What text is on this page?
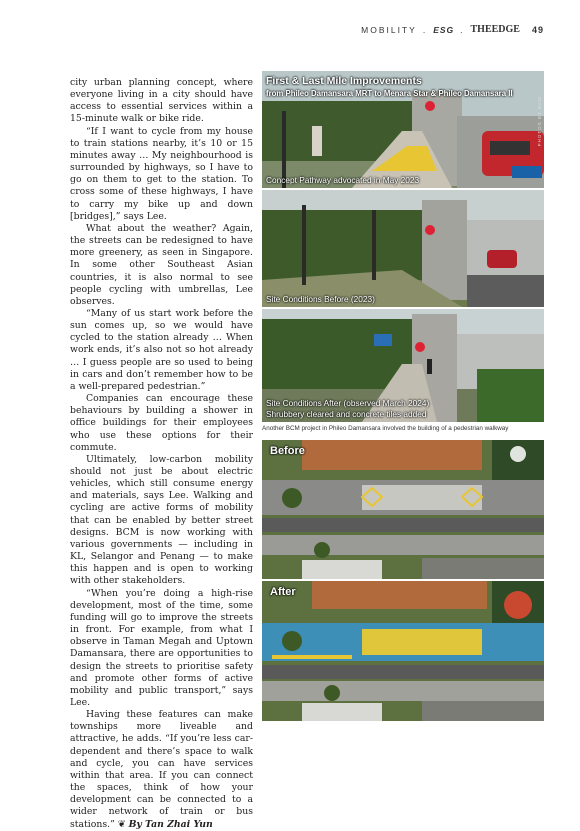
MOBILITY . ESG . THEEDGE 49

city urban planning concept, where everyone living in a city should have access to essential services within a 15-minute walk or bike ride.

“If I want to cycle from my house to train stations nearby, it’s 10 or 15 minutes away … My neighbourhood is surrounded by highways, so I have to go on them to get to the station. To cross some of these highways, I have to carry my bike up and down [bridges],” says Lee.

What about the weather? Again, the streets can be redesigned to have more greenery, as seen in Singapore. In some other Southeast Asian countries, it is also normal to see people cycling with umbrellas, Lee observes.

“Many of us start work before the sun comes up, so we would have cycled to the station already … When work ends, it’s also not so hot already … I guess people are so used to being in cars and don’t remember how to be a well-prepared pedestrian.”

Companies can encourage these behaviours by building a shower in office buildings for their employees who use these options for their commute.

Ultimately, low-carbon mobility should not just be about electric vehicles, which still consume energy and materials, says Lee. Walking and cycling are active forms of mobility that can be enabled by better street designs. BCM is now working with various governments — including in KL, Selangor and Penang — to make this happen and is open to working with other stakeholders.

“When you’re doing a high-rise development, most of the time, some funding will go to improve the streets in front. For example, from what I observe in Taman Megah and Uptown Damansara, there are opportunities to design the streets to prioritise safety and promote other forms of active mobility and public transport,” says Lee.

Having these features can make townships more liveable and attractive, he adds. “If you’re less car-dependent and there’s space to walk and cycle, you can have services within that area. If you can connect the spaces, think of how your development can be connected to a wider network of train or bus stations.” ❦ By Tan Zhai Yun

First & Last Mile Improvements
from Phileo Damansara MRT to Menara Star & Phileo Damansara II
Concept Pathway advocated in May 2023
PHOTOS BY BCM
Site Conditions Before (2023)
Site Conditions After (observed March 2024)
Shrubbery cleared and concrete tiles added
Another BCM project in Phileo Damansara involved the building of a pedestrian walkway
Before
After
